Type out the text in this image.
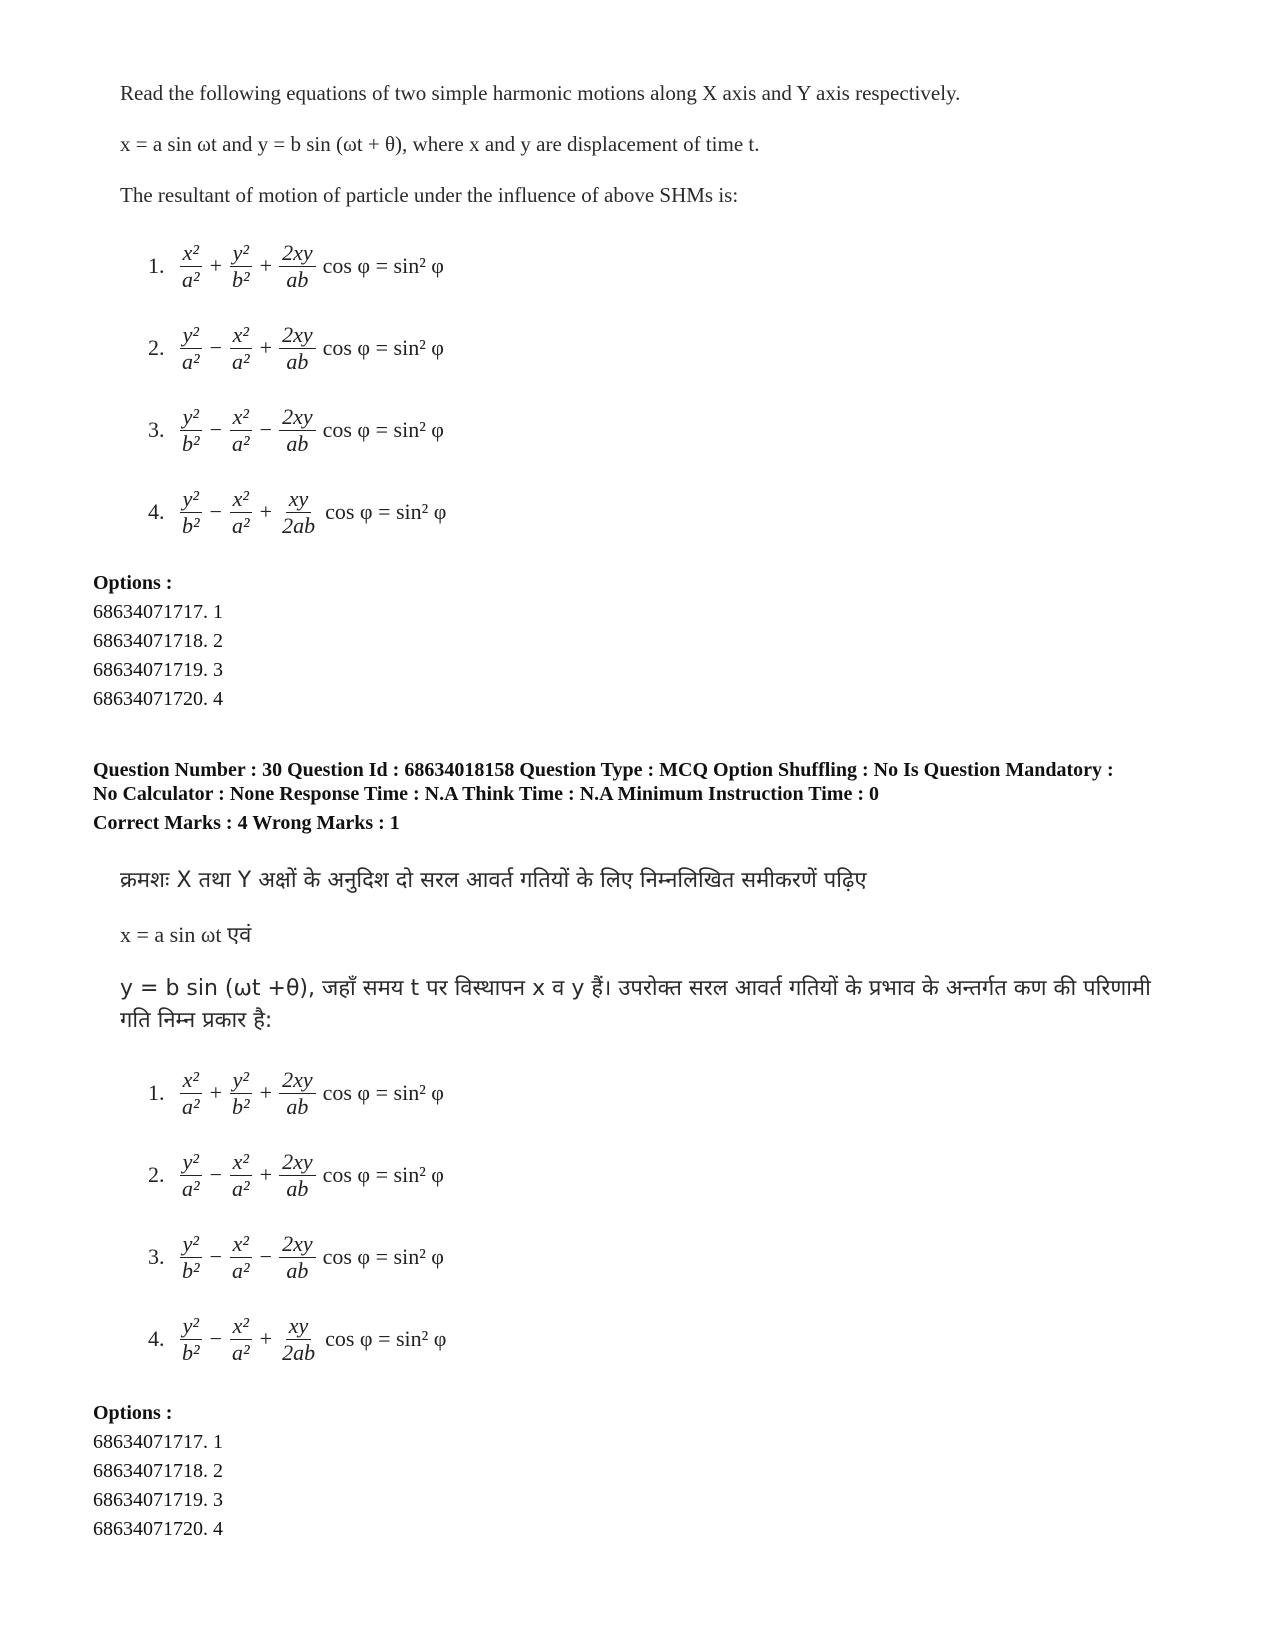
Read the following equations of two simple harmonic motions along X axis and Y axis respectively.

x = a sin ωt and y = b sin (ωt + θ), where x and y are displacement of time t.

The resultant of motion of particle under the influence of above SHMs is:

1. $\frac{\text{x²}}{\text{a²}} + \frac{\text{y²}}{\text{b²}} + \frac{2xy}{ab}$ cos φ = sin² φ
2. $\frac{\text{y²}}{\text{a²}} - \frac{\text{x²}}{\text{a²}} + \frac{2xy}{ab}$ cos φ = sin² φ
3. $\frac{\text{y²}}{\text{b²}} - \frac{\text{x²}}{\text{a²}} - \frac{2xy}{ab}$ cos φ = sin² φ
4. $\frac{\text{y²}}{\text{b²}} - \frac{\text{x²}}{\text{a²}} + \frac{xy}{2ab}$ cos φ = sin² φ
Options :
68634071717. 1
68634071718. 2
68634071719. 3
68634071720. 4
Question Number : 30 Question Id : 68634018158 Question Type : MCQ Option Shuffling : No Is Question Mandatory :
No Calculator : None Response Time : N.A Think Time : N.A Minimum Instruction Time : 0
Correct Marks : 4 Wrong Marks : 1

क्रमशः X तथा Y अक्षों के अनुदिश दो सरल आवर्त गतियों के लिए निम्नलिखित समीकरणें पढ़िए

x = a sin ωt एवं

y = b sin (ωt +θ), जहाँ समय t पर विस्थापन x व y हैं। उपरोक्त सरल आवर्त गतियों के प्रभाव के अन्तर्गत कण की परिणामी गति निम्न प्रकार है:

1. $\frac{\text{x²}}{\text{a²}} + \frac{\text{y²}}{\text{b²}} + \frac{2xy}{ab}$ cos φ = sin² φ
2. $\frac{\text{y²}}{\text{a²}} - \frac{\text{x²}}{\text{a²}} + \frac{2xy}{ab}$ cos φ = sin² φ
3. $\frac{\text{y²}}{\text{b²}} - \frac{\text{x²}}{\text{a²}} - \frac{2xy}{ab}$ cos φ = sin² φ
4. $\frac{\text{y²}}{\text{b²}} - \frac{\text{x²}}{\text{a²}} + \frac{xy}{2ab}$ cos φ = sin² φ
Options :
68634071717. 1
68634071718. 2
68634071719. 3
68634071720. 4
